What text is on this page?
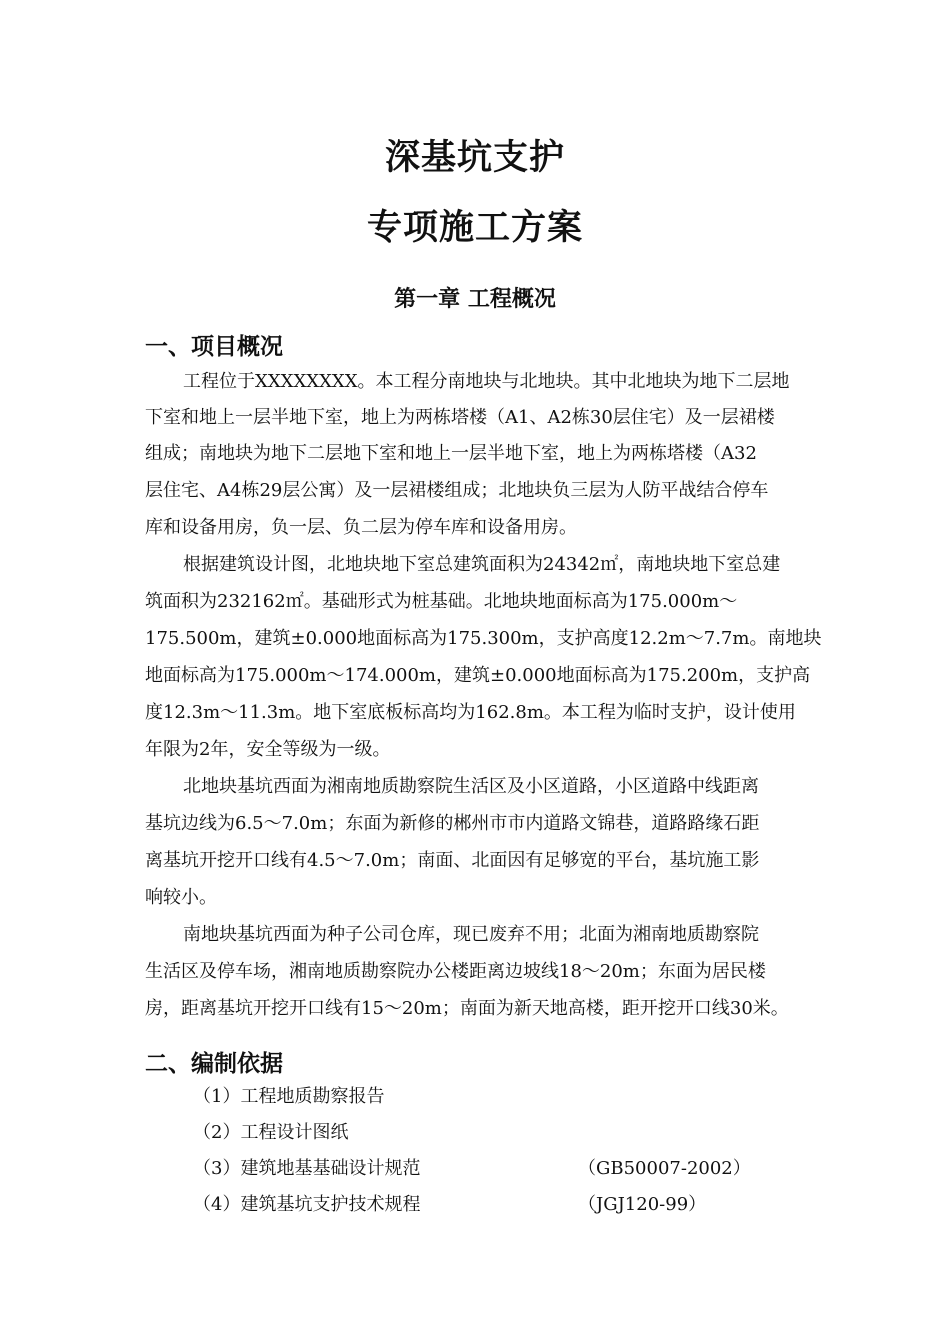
深基坑支护
专项施工方案
第一章 工程概况
一、项目概况

工程位于XXXXXXXX。本工程分南地块与北地块。其中北地块为地下二层地

下室和地上一层半地下室，地上为两栋塔楼（A1、A2栋30层住宅）及一层裙楼

组成；南地块为地下二层地下室和地上一层半地下室，地上为两栋塔楼（A32

层住宅、A4栋29层公寓）及一层裙楼组成；北地块负三层为人防平战结合停车

库和设备用房，负一层、负二层为停车库和设备用房。

根据建筑设计图，北地块地下室总建筑面积为24342㎡，南地块地下室总建

筑面积为232162㎡。基础形式为桩基础。北地块地面标高为175.000m～

175.500m，建筑±0.000地面标高为175.300m，支护高度12.2m～7.7m。南地块

地面标高为175.000m～174.000m，建筑±0.000地面标高为175.200m，支护高

度12.3m～11.3m。地下室底板标高均为162.8m。本工程为临时支护，设计使用

年限为2年，安全等级为一级。

北地块基坑西面为湘南地质勘察院生活区及小区道路，小区道路中线距离

基坑边线为6.5～7.0m；东面为新修的郴州市市内道路文锦巷，道路路缘石距

离基坑开挖开口线有4.5～7.0m；南面、北面因有足够宽的平台，基坑施工影

响较小。

南地块基坑西面为种子公司仓库，现已废弃不用；北面为湘南地质勘察院

生活区及停车场，湘南地质勘察院办公楼距离边坡线18～20m；东面为居民楼

房，距离基坑开挖开口线有15～20m；南面为新天地高楼，距开挖开口线30米。

二、编制依据
（1）工程地质勘察报告
（2）工程设计图纸
（3）建筑地基基础设计规范	（GB50007-2002）
（4）建筑基坑支护技术规程	（JGJ120-99）
